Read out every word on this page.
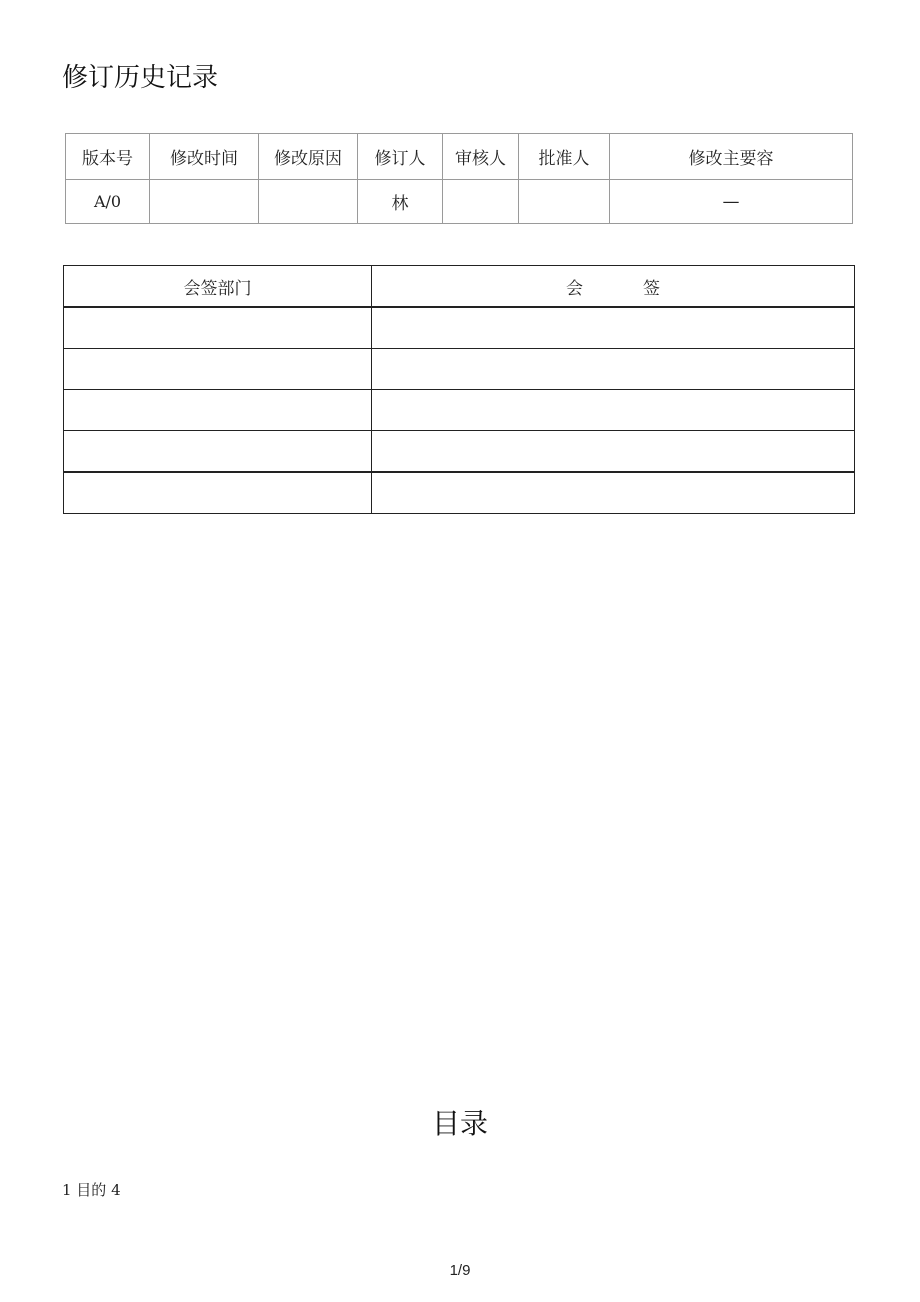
修订历史记录
版本号	修改时间	修改原因	修订人	审核人	批准人	修改主要容
A/0			林			—
会签部门	会 签

目录
1 目的 4
1/9
